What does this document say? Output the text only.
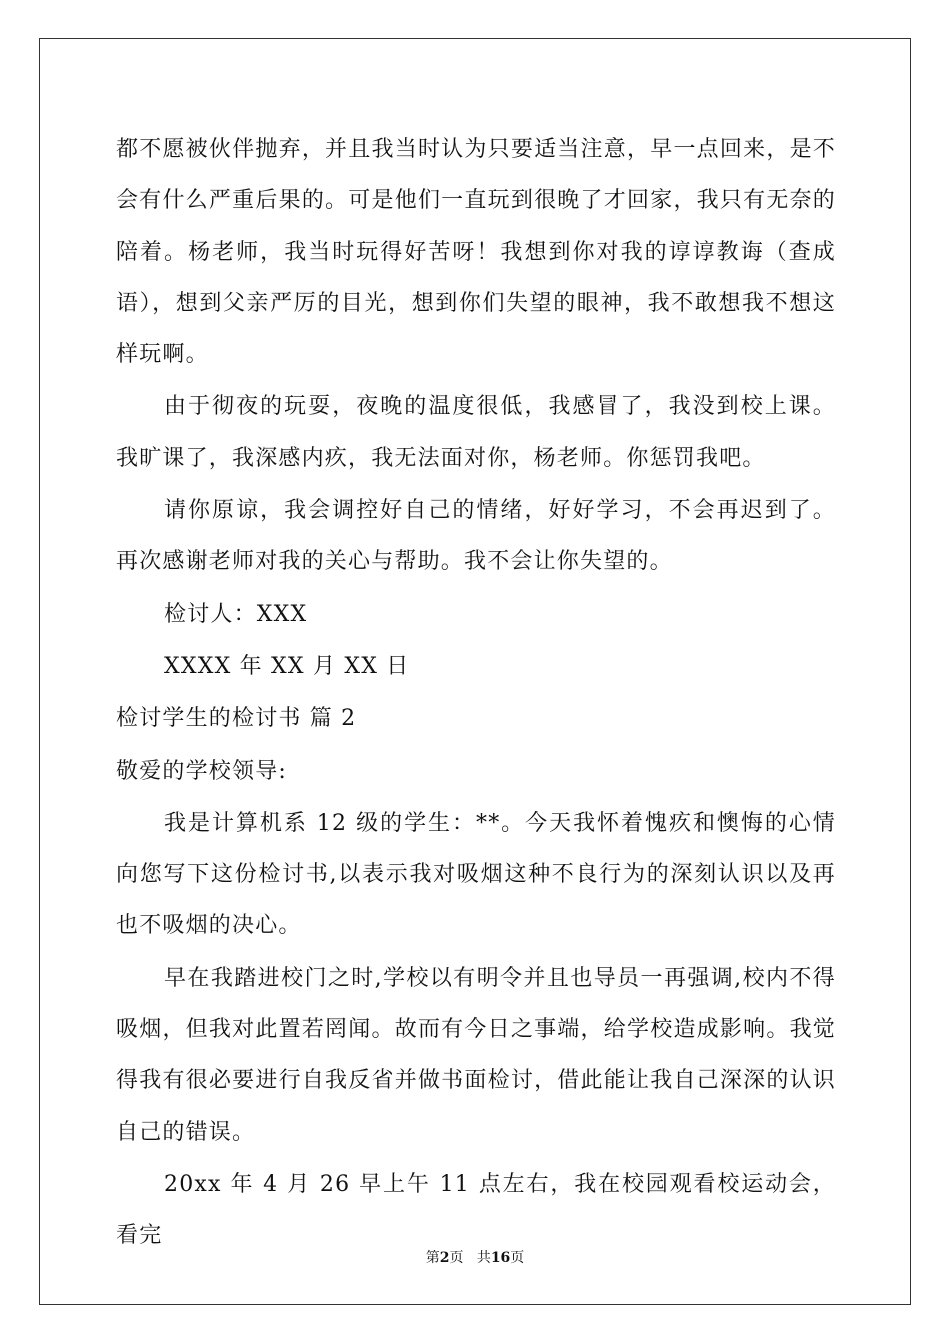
都不愿被伙伴抛弃，并且我当时认为只要适当注意，早一点回来，是不会有什么严重后果的。可是他们一直玩到很晚了才回家，我只有无奈的陪着。杨老师，我当时玩得好苦呀！我想到你对我的谆谆教诲（查成语），想到父亲严厉的目光，想到你们失望的眼神，我不敢想我不想这样玩啊。

由于彻夜的玩耍，夜晚的温度很低，我感冒了，我没到校上课。我旷课了，我深感内疚，我无法面对你，杨老师。你惩罚我吧。

请你原谅，我会调控好自己的情绪，好好学习，不会再迟到了。再次感谢老师对我的关心与帮助。我不会让你失望的。

检讨人：XXX

XXXX 年 XX 月 XX 日

检讨学生的检讨书 篇 2

敬爱的学校领导:

我是计算机系 12 级的学生：**。今天我怀着愧疚和懊悔的心情向您写下这份检讨书,以表示我对吸烟这种不良行为的深刻认识以及再也不吸烟的决心。

早在我踏进校门之时,学校以有明令并且也导员一再强调,校内不得吸烟，但我对此置若罔闻。故而有今日之事端，给学校造成影响。我觉得我有很必要进行自我反省并做书面检讨，借此能让我自己深深的认识自己的错误。

20xx 年 4 月 26 早上午 11 点左右，我在校园观看校运动会，看完

第2页 共16页
